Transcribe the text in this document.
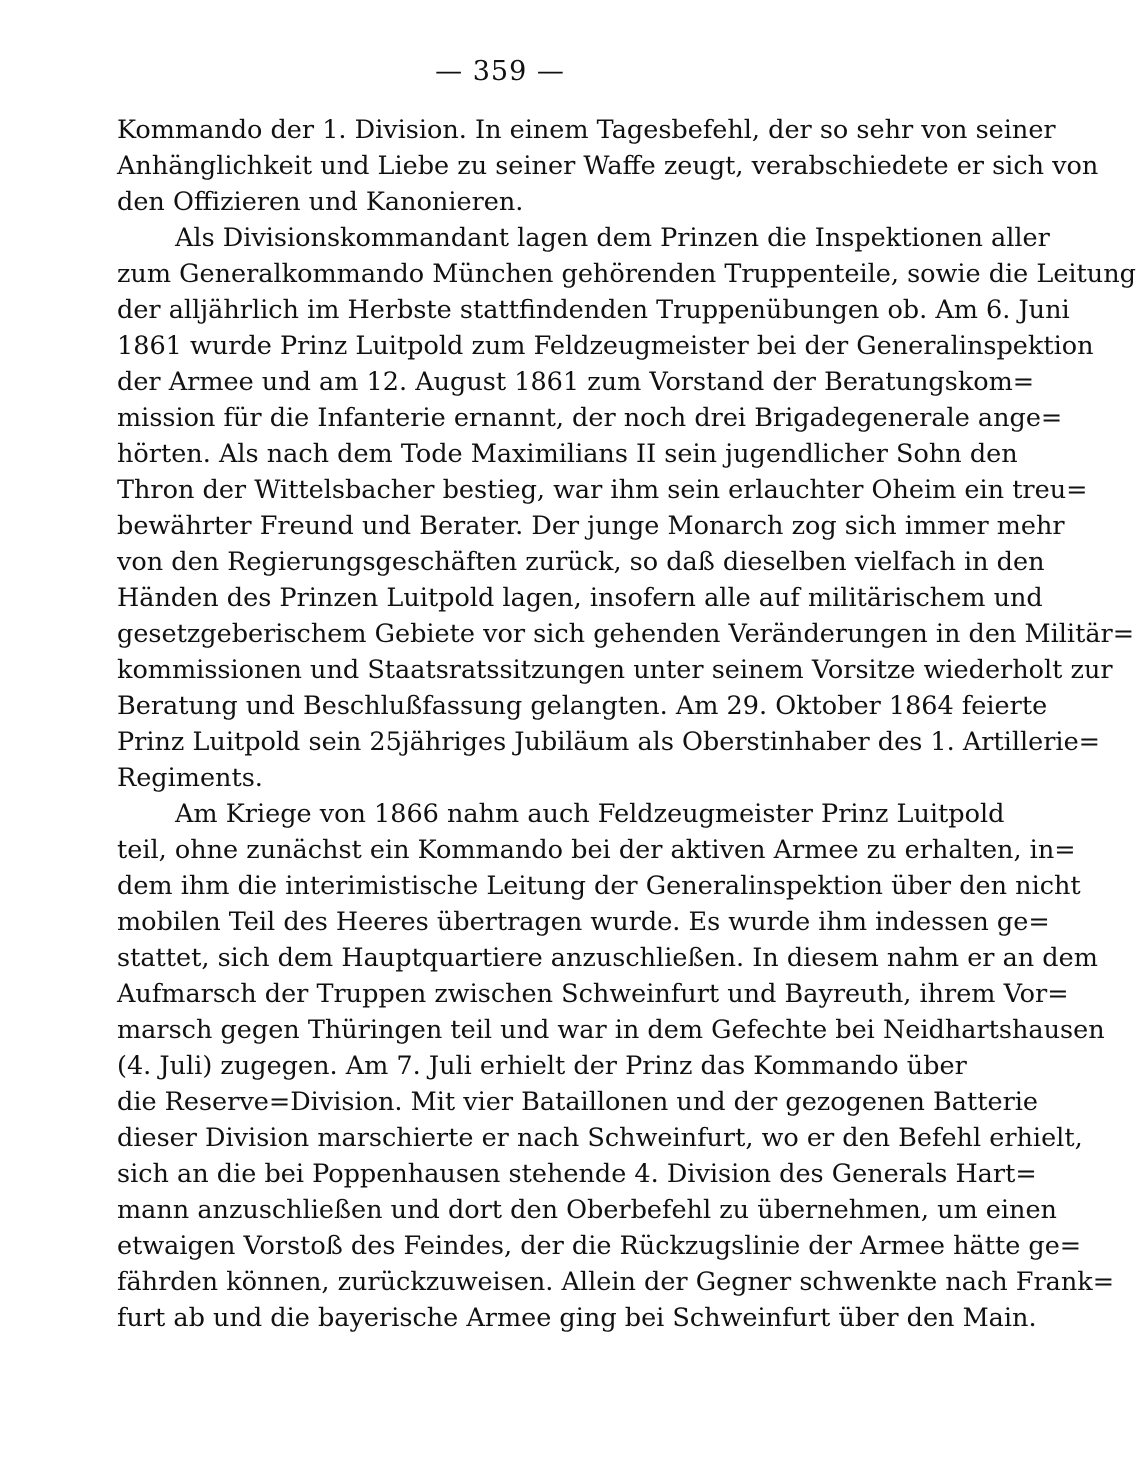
— 359 —
Kommando der 1. Division. In einem Tagesbefehl, der so sehr von seiner
Anhänglichkeit und Liebe zu seiner Waffe zeugt, verabschiedete er sich von
den Offizieren und Kanonieren.
Als Divisionskommandant lagen dem Prinzen die Inspektionen aller
zum Generalkommando München gehörenden Truppenteile, sowie die Leitung
der alljährlich im Herbste stattfindenden Truppenübungen ob. Am 6. Juni
1861 wurde Prinz Luitpold zum Feldzeugmeister bei der Generalinspektion
der Armee und am 12. August 1861 zum Vorstand der Beratungskom=
mission für die Infanterie ernannt, der noch drei Brigadegenerale ange=
hörten. Als nach dem Tode Maximilians II sein jugendlicher Sohn den
Thron der Wittelsbacher bestieg, war ihm sein erlauchter Oheim ein treu=
bewährter Freund und Berater. Der junge Monarch zog sich immer mehr
von den Regierungsgeschäften zurück, so daß dieselben vielfach in den
Händen des Prinzen Luitpold lagen, insofern alle auf militärischem und
gesetzgeberischem Gebiete vor sich gehenden Veränderungen in den Militär=
kommissionen und Staatsratssitzungen unter seinem Vorsitze wiederholt zur
Beratung und Beschlußfassung gelangten. Am 29. Oktober 1864 feierte
Prinz Luitpold sein 25jähriges Jubiläum als Oberstinhaber des 1. Artillerie=
Regiments.
Am Kriege von 1866 nahm auch Feldzeugmeister Prinz Luitpold
teil, ohne zunächst ein Kommando bei der aktiven Armee zu erhalten, in=
dem ihm die interimistische Leitung der Generalinspektion über den nicht
mobilen Teil des Heeres übertragen wurde. Es wurde ihm indessen ge=
stattet, sich dem Hauptquartiere anzuschließen. In diesem nahm er an dem
Aufmarsch der Truppen zwischen Schweinfurt und Bayreuth, ihrem Vor=
marsch gegen Thüringen teil und war in dem Gefechte bei Neidhartshausen
(4. Juli) zugegen. Am 7. Juli erhielt der Prinz das Kommando über
die Reserve=Division. Mit vier Bataillonen und der gezogenen Batterie
dieser Division marschierte er nach Schweinfurt, wo er den Befehl erhielt,
sich an die bei Poppenhausen stehende 4. Division des Generals Hart=
mann anzuschließen und dort den Oberbefehl zu übernehmen, um einen
etwaigen Vorstoß des Feindes, der die Rückzugslinie der Armee hätte ge=
fährden können, zurückzuweisen. Allein der Gegner schwenkte nach Frank=
furt ab und die bayerische Armee ging bei Schweinfurt über den Main.
